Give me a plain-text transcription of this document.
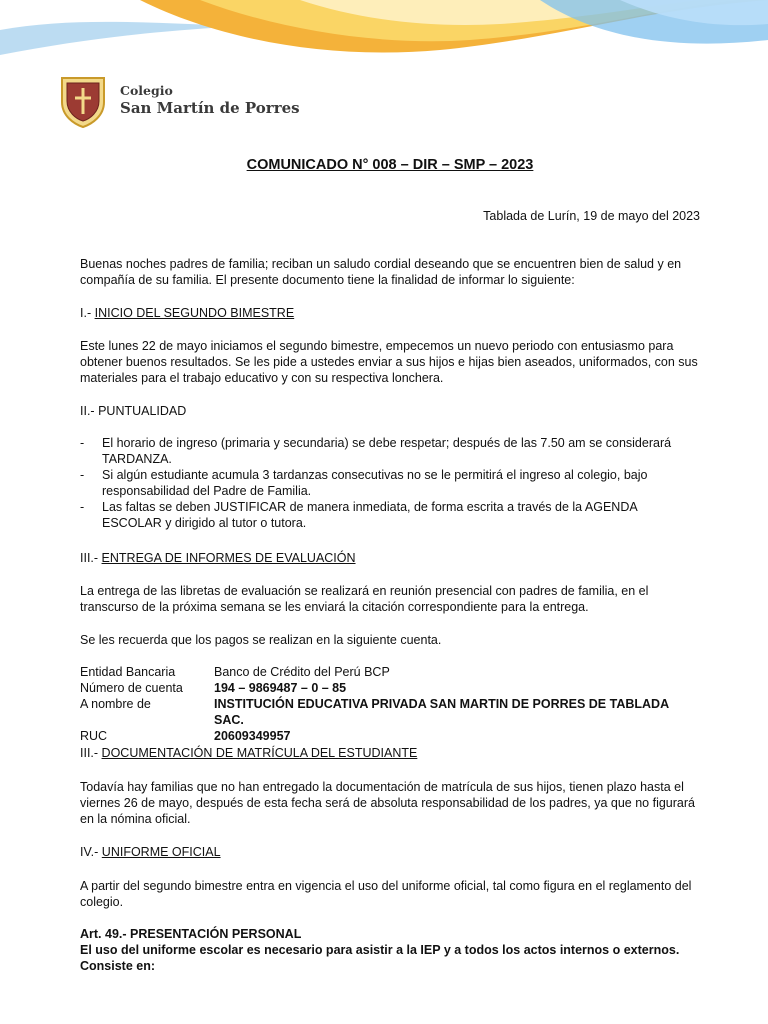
Colegio
San Martín de Porres
COMUNICADO N° 008 – DIR – SMP – 2023
Tablada de Lurín, 19 de mayo del 2023

Buenas noches padres de familia; reciban un saludo cordial deseando que se encuentren bien de salud y en compañía de su familia. El presente documento tiene la finalidad de informar lo siguiente:

I.- INICIO DEL SEGUNDO BIMESTRE

Este lunes 22 de mayo iniciamos el segundo bimestre, empecemos un nuevo periodo con entusiasmo para obtener buenos resultados. Se les pide a ustedes enviar a sus hijos e hijas bien aseados, uniformados, con sus materiales para el trabajo educativo y con su respectiva lonchera.

II.- PUNTUALIDAD
- El horario de ingreso (primaria y secundaria) se debe respetar; después de las 7.50 am se considerará TARDANZA.
- Si algún estudiante acumula 3 tardanzas consecutivas no se le permitirá el ingreso al colegio, bajo responsabilidad del Padre de Familia.
- Las faltas se deben JUSTIFICAR de manera inmediata, de forma escrita a través de la AGENDA ESCOLAR y dirigido al tutor o tutora.
III.- ENTREGA DE INFORMES DE EVALUACIÓN

La entrega de las libretas de evaluación se realizará en reunión presencial con padres de familia, en el transcurso de la próxima semana se les enviará la citación correspondiente para la entrega.

Se les recuerda que los pagos se realizan en la siguiente cuenta.

Entidad Bancaria	Banco de Crédito del Perú BCP
Número de cuenta	194 – 9869487 – 0 – 85
A nombre de	INSTITUCIÓN EDUCATIVA PRIVADA SAN MARTIN DE PORRES DE TABLADA SAC.
RUC	20609349957
III.- DOCUMENTACIÓN DE MATRÍCULA DEL ESTUDIANTE

Todavía hay familias que no han entregado la documentación de matrícula de sus hijos, tienen plazo hasta el viernes 26 de mayo, después de esta fecha será de absoluta responsabilidad de los padres, ya que no figurará en la nómina oficial.

IV.- UNIFORME OFICIAL

A partir del segundo bimestre entra en vigencia el uso del uniforme oficial, tal como figura en el reglamento del colegio.

Art. 49.- PRESENTACIÓN PERSONAL

El uso del uniforme escolar es necesario para asistir a la IEP y a todos los actos internos o externos. Consiste en:
